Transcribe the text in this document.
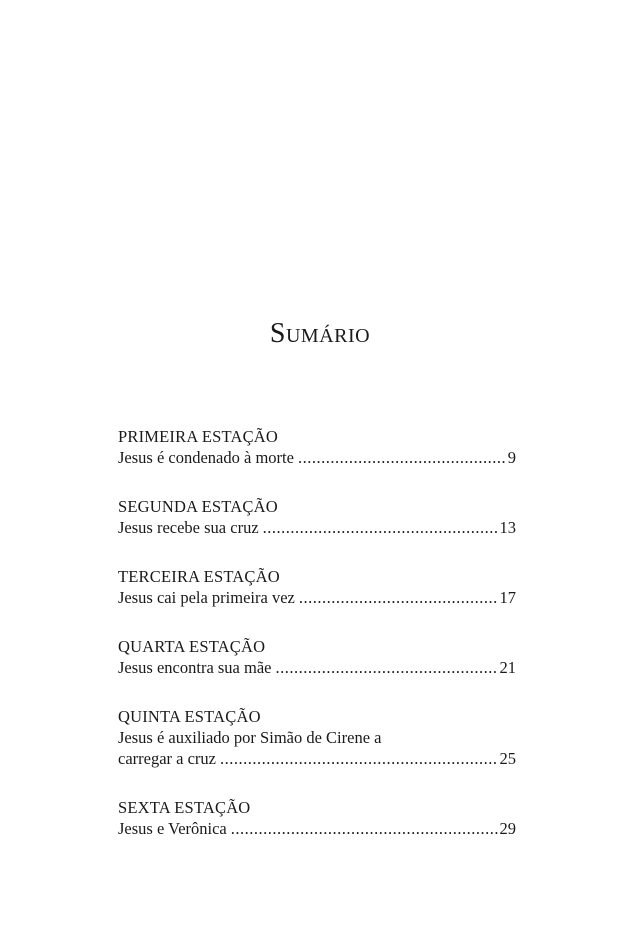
Sumário
PRIMEIRA ESTAÇÃO
Jesus é condenado à morte .....	9
SEGUNDA ESTAÇÃO
Jesus recebe sua cruz .....	13
TERCEIRA ESTAÇÃO
Jesus cai pela primeira vez .....	17
QUARTA ESTAÇÃO
Jesus encontra sua mãe .....	21
QUINTA ESTAÇÃO
Jesus é auxiliado por Simão de Cirene a
carregar a cruz .....	25
SEXTA ESTAÇÃO
Jesus e Verônica .....	29
